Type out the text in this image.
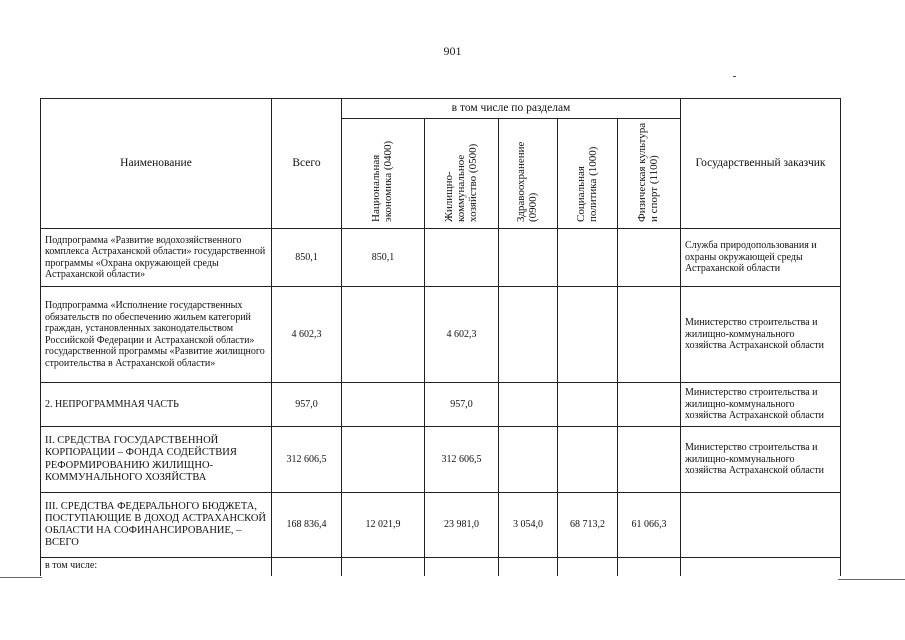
901
Наименование	Всего	в том числе по разделам					Государственный заказчик

		Национальная экономика (0400)	Жилищно-коммунальное хозяйство (0500)	Здравоохранение (0900)	Социальная политика (1000)	Физическая культура и спорт (1100)	

Подпрограмма «Развитие водохозяйственного комплекса Астраханской области» государственной программы «Охрана окружающей среды Астраханской области»	850,1	850,1					Служба природопользования и охраны окружающей среды Астраханской области
Подпрограмма «Исполнение государственных обязательств по обеспечению жильем категорий граждан, установленных законодательством Российской Федерации и Астраханской области» государственной программы «Развитие жилищного строительства в Астраханской области»	4 602,3		4 602,3				Министерство строительства и жилищно-коммунального хозяйства Астраханской области
2. НЕПРОГРАММНАЯ ЧАСТЬ	957,0		957,0				Министерство строительства и жилищно-коммунального хозяйства Астраханской области
II. СРЕДСТВА ГОСУДАРСТВЕННОЙ КОРПОРАЦИИ – ФОНДА СОДЕЙСТВИЯ РЕФОРМИРОВАНИЮ ЖИЛИЩНО-КОММУНАЛЬНОГО ХОЗЯЙСТВА	312 606,5		312 606,5				Министерство строительства и жилищно-коммунального хозяйства Астраханской области
III. СРЕДСТВА ФЕДЕРАЛЬНОГО БЮДЖЕТА, ПОСТУПАЮЩИЕ В ДОХОД АСТРАХАНСКОЙ ОБЛАСТИ НА СОФИНАНСИРОВАНИЕ, – ВСЕГО	168 836,4	12 021,9	23 981,0	3 054,0	68 713,2	61 066,3	
в том числе:							
